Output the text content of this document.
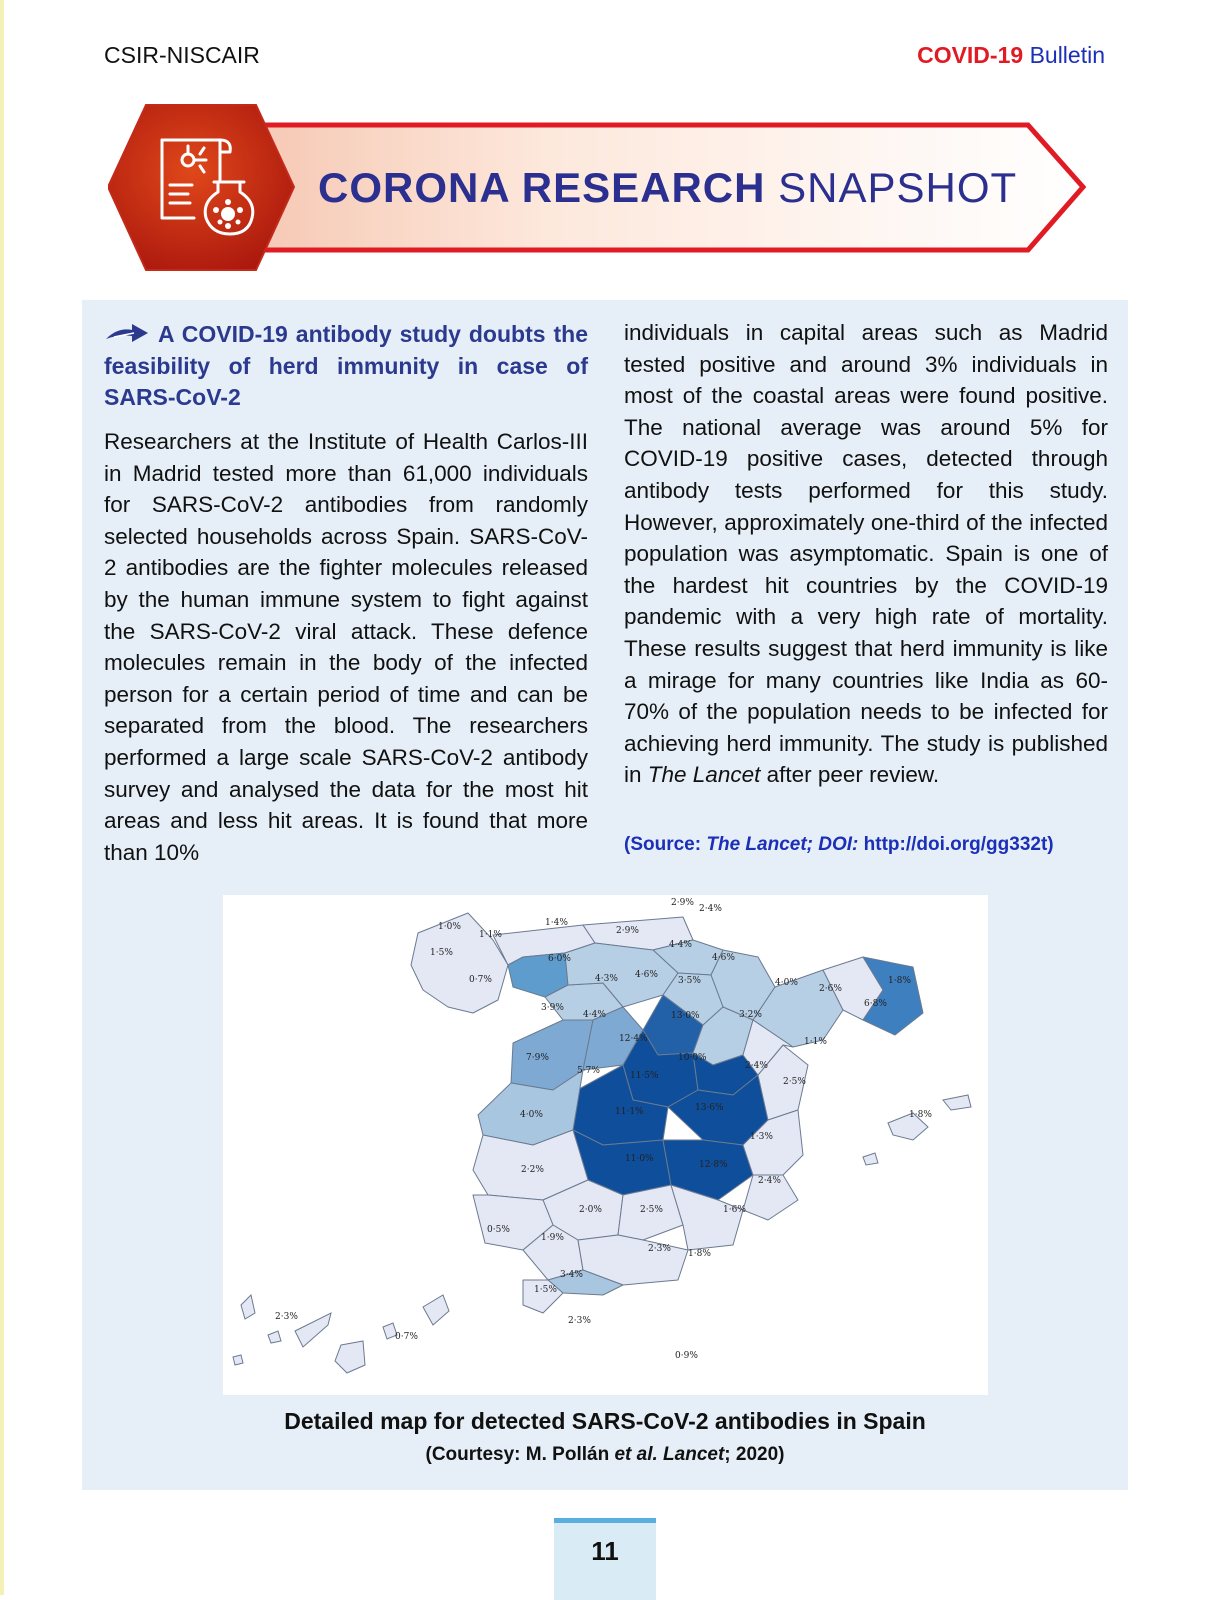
CSIR-NISCAIR	COVID-19 Bulletin
CORONA RESEARCH SNAPSHOT
A COVID-19 antibody study doubts the feasibility of herd immunity in case of SARS-CoV-2
Researchers at the Institute of Health Carlos-III in Madrid tested more than 61,000 individuals for SARS-CoV-2 antibodies from randomly selected households across Spain. SARS-CoV-2 antibodies are the fighter molecules released by the human immune system to fight against the SARS-CoV-2 viral attack. These defence molecules remain in the body of the infected person for a certain period of time and can be separated from the blood. The researchers performed a large scale SARS-CoV-2 antibody survey and analysed the data for the most hit areas and less hit areas. It is found that more than 10%
individuals in capital areas such as Madrid tested positive and around 3% individuals in most of the coastal areas were found positive. The national average was around 5% for COVID-19 positive cases, detected through antibody tests performed for this study. However, approximately one-third of the infected population was asymptomatic. Spain is one of the hardest hit countries by the COVID-19 pandemic with a very high rate of mortality. These results suggest that herd immunity is like a mirage for many countries like India as 60-70% of the population needs to be infected for achieving herd immunity. The study is published in The Lancet after peer review.
(Source: The Lancet; DOI: http://doi.org/gg332t)
2·9%
2·4%
1·0%	1·4%
2·9%
1·1%
4·4%
1·5%
6·0%	4·6%
4·3% 4·6%
3·5%
0·7%	4·0%	1·8%
2·6%
3·9%
4·4%	13·0%	3·2%
6·8%
12·4%	1·1%
7·9%	10·0%
5·7%	11·5%
2·4%
2·5%
11·1%	13·6%
1·8%
4·0%
1·3%
11·0%
12·8%
2·2%
2·4%
2·0%	2·5%	1·6%
0·5%
1·9%
2·3% 1·8%
3·4%
1·5%
2·3%
2·3%
0·7%
0·9%
Detailed map for detected SARS-CoV-2 antibodies in Spain
(Courtesy: M. Pollán et al. Lancet; 2020)
11
